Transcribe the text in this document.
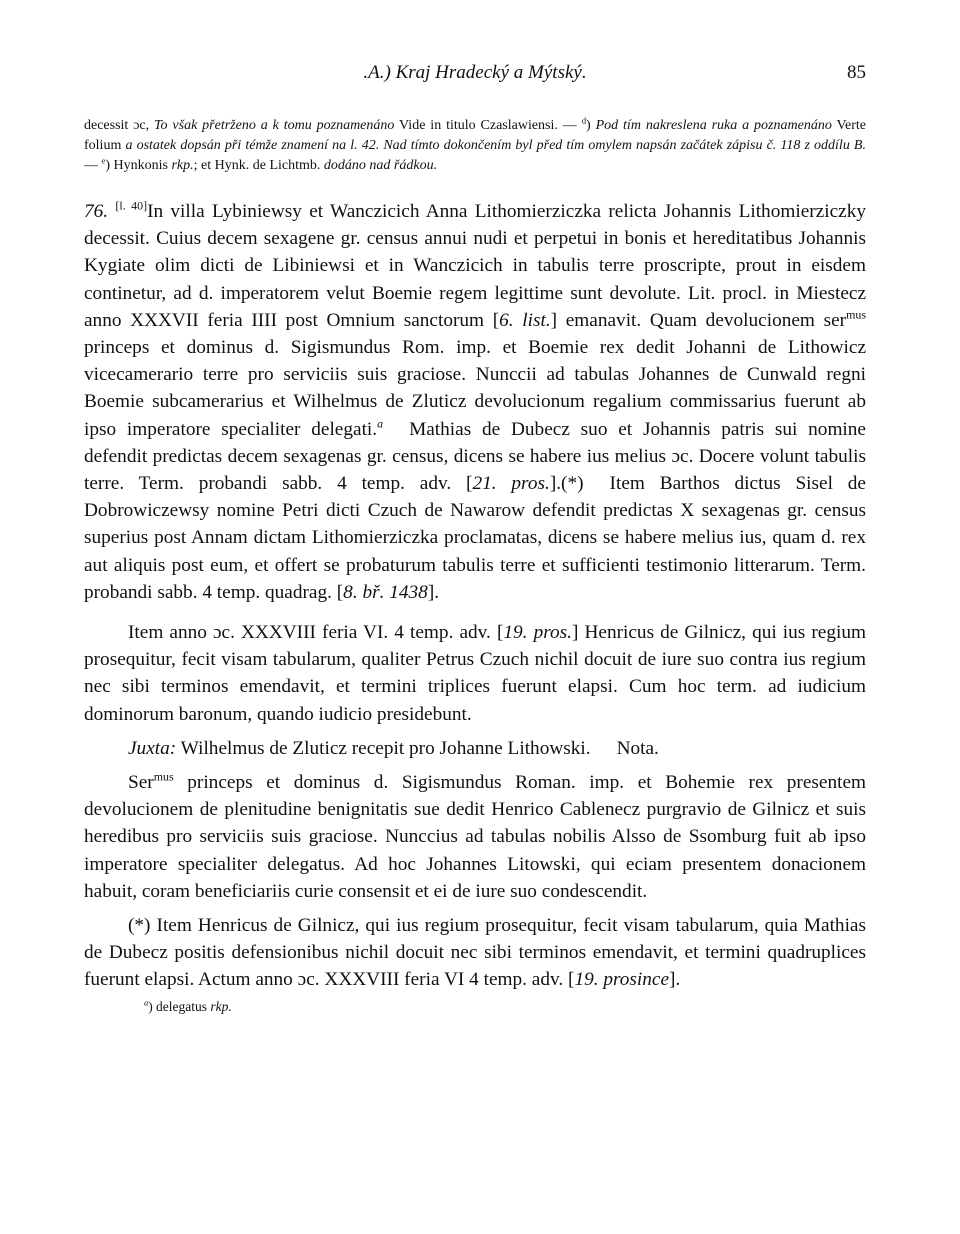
.A.) Kraj Hradecký a Mýtský.	85
decessit ɔc, To však přetrženo a k tomu poznamenáno Vide in titulo Czaslawiensi. — $^d$) Pod tím nakreslena ruka a poznamenáno Verte folium a ostatek dopsán při témže znamení na l. 42. Nad tímto dokončením byl před tím omylem napsán začátek zápisu č. 118 z oddílu B. — $^e$) Hynkonis rkp.; et Hynk. de Lichtmb. dodáno nad řádkou.

76. [l. 40]In villa Lybiniewsy et Wanczicich Anna Lithomierziczka relicta Johannis Lithomierziczky decessit. Cuius decem sexagene gr. census annui nudi et perpetui in bonis et hereditatibus Johannis Kygiate olim dicti de Libiniewsi et in Wanczicich in tabulis terre proscripte, prout in eisdem continetur, ad d. imperatorem velut Boemie regem legittime sunt devolute. Lit. procl. in Miestecz anno XXXVII feria IIII post Omnium sanctorum [6. list.] emanavit. Quam devolucionem ser$^{mus}$ princeps et dominus d. Sigismundus Rom. imp. et Boemie rex dedit Johanni de Lithowicz vicecamerario terre pro serviciis suis graciose. Nunccii ad tabulas Johannes de Cunwald regni Boemie subcamerarius et Wilhelmus de Zluticz devolucionum regalium commissarius fuerunt ab ipso imperatore specialiter delegati.$^a$ Mathias de Dubecz suo et Johannis patris sui nomine defendit predictas decem sexagenas gr. census, dicens se habere ius melius ɔc. Docere volunt tabulis terre. Term. probandi sabb. 4 temp. adv. [21. pros.].(*) Item Barthos dictus Sisel de Dobrowiczewsy nomine Petri dicti Czuch de Nawarow defendit predictas X sexagenas gr. census superius post Annam dictam Lithomierziczka proclamatas, dicens se habere melius ius, quam d. rex aut aliquis post eum, et offert se probaturum tabulis terre et sufficienti testimonio litterarum. Term. probandi sabb. 4 temp. quadrag. [8. bř. 1438].

Item anno ɔc. XXXVIII feria VI. 4 temp. adv. [19. pros.] Henricus de Gilnicz, qui ius regium prosequitur, fecit visam tabularum, qualiter Petrus Czuch nichil docuit de iure suo contra ius regium nec sibi terminos emendavit, et termini triplices fuerunt elapsi. Cum hoc term. ad iudicium dominorum baronum, quando iudicio presidebunt.

Juxta: Wilhelmus de Zluticz recepit pro Johanne Lithowski. Nota.

Ser$^{mus}$ princeps et dominus d. Sigismundus Roman. imp. et Bohemie rex presentem devolucionem de plenitudine benignitatis sue dedit Henrico Cablenecz purgravio de Gilnicz et suis heredibus pro serviciis suis graciose. Nunccius ad tabulas nobilis Alsso de Ssomburg fuit ab ipso imperatore specialiter delegatus. Ad hoc Johannes Litowski, qui eciam presentem donacionem habuit, coram beneficiariis curie consensit et ei de iure suo condescendit.

(*) Item Henricus de Gilnicz, qui ius regium prosequitur, fecit visam tabularum, quia Mathias de Dubecz positis defensionibus nichil docuit nec sibi terminos emendavit, et termini quadruplices fuerunt elapsi. Actum anno ɔc. XXXVIII feria VI 4 temp. adv. [19. prosince].

$^a$) delegatus rkp.
